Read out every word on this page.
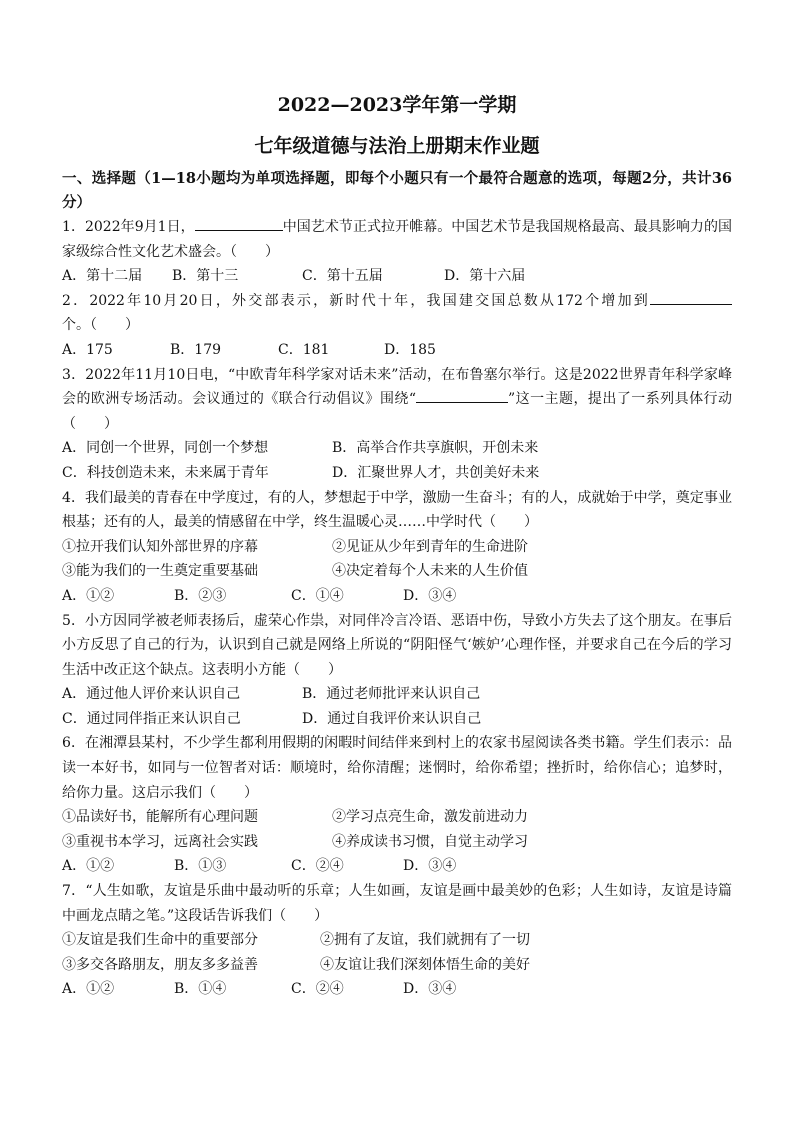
2022—2023学年第一学期
七年级道德与法治上册期末作业题

一、选择题（1—18小题均为单项选择题，即每个小题只有一个最符合题意的选项，每题2分，共计36分）

1．2022年9月1日，	中国艺术节正式拉开帷幕。中国艺术节是我国规格最高、最具影响力的国家级综合性文化艺术盛会。（　　）

A．第十二届	B．第十三	C．第十五届	D．第十六届

2．2022年10月20日，外交部表示，新时代十年，我国建交国总数从172个增加到个。（　　）

A．175	B．179	C．181	D．185

3．2022年11月10日电，“中欧青年科学家对话未来”活动，在布鲁塞尔举行。这是2022世界青年科学家峰会的欧洲专场活动。会议通过的《联合行动倡议》围绕“	”这一主题，提出了一系列具体行动（　　）

A．同创一个世界，同创一个梦想	B．高举合作共享旗帜，开创未来
C．科技创造未来，未来属于青年	D．汇聚世界人才，共创美好未来

4．我们最美的青春在中学度过，有的人，梦想起于中学，激励一生奋斗；有的人，成就始于中学，奠定事业根基；还有的人，最美的情感留在中学，终生温暖心灵……中学时代（　　）

①拉开我们认知外部世界的序幕	②见证从少年到青年的生命进阶
③能为我们的一生奠定重要基础	④决定着每个人未来的人生价值
A．①②	B．②③	C．①④	D．③④

5．小方因同学被老师表扬后，虚荣心作祟，对同伴冷言冷语、恶语中伤，导致小方失去了这个朋友。在事后小方反思了自己的行为，认识到自己就是网络上所说的“阴阳怪气‘嫉妒’心理作怪，并要求自己在今后的学习生活中改正这个缺点。这表明小方能（　　）

A．通过他人评价来认识自己	B．通过老师批评来认识自己
C．通过同伴指正来认识自己	D．通过自我评价来认识自己

6．在湘潭县某村，不少学生都利用假期的闲暇时间结伴来到村上的农家书屋阅读各类书籍。学生们表示：品读一本好书，如同与一位智者对话：顺境时，给你清醒；迷惘时，给你希望；挫折时，给你信心；追梦时，给你力量。这启示我们（　　）

①品读好书，能解所有心理问题	②学习点亮生命，激发前进动力
③重视书本学习，远离社会实践	④养成读书习惯，自觉主动学习
A．①②	B．①③	C．②④	D．③④

7．“人生如歌，友谊是乐曲中最动听的乐章；人生如画，友谊是画中最美妙的色彩；人生如诗，友谊是诗篇中画龙点睛之笔。”这段话告诉我们（　　）

①友谊是我们生命中的重要部分	②拥有了友谊，我们就拥有了一切
③多交各路朋友，朋友多多益善	④友谊让我们深刻体悟生命的美好
A．①②	B．①④	C．②④	D．③④
